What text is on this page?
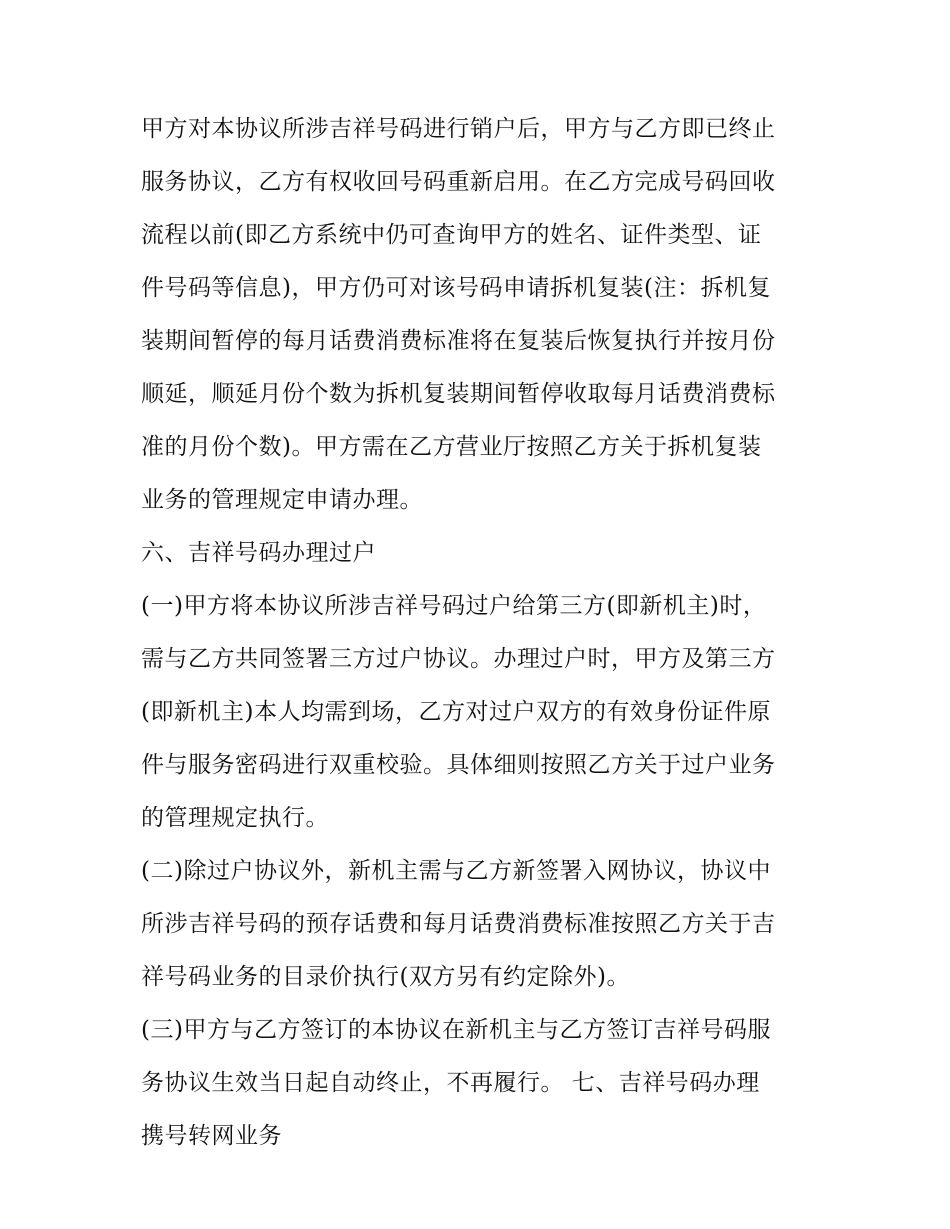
甲方对本协议所涉吉祥号码进行销户后，甲方与乙方即已终止
服务协议，乙方有权收回号码重新启用。在乙方完成号码回收
流程以前(即乙方系统中仍可查询甲方的姓名、证件类型、证
件号码等信息)，甲方仍可对该号码申请拆机复装(注：拆机复
装期间暂停的每月话费消费标准将在复装后恢复执行并按月份
顺延，顺延月份个数为拆机复装期间暂停收取每月话费消费标
准的月份个数)。甲方需在乙方营业厅按照乙方关于拆机复装
业务的管理规定申请办理。
六、吉祥号码办理过户
(一)甲方将本协议所涉吉祥号码过户给第三方(即新机主)时，
需与乙方共同签署三方过户协议。办理过户时，甲方及第三方
(即新机主)本人均需到场，乙方对过户双方的有效身份证件原
件与服务密码进行双重校验。具体细则按照乙方关于过户业务
的管理规定执行。
(二)除过户协议外，新机主需与乙方新签署入网协议，协议中
所涉吉祥号码的预存话费和每月话费消费标准按照乙方关于吉
祥号码业务的目录价执行(双方另有约定除外)。
(三)甲方与乙方签订的本协议在新机主与乙方签订吉祥号码服
务协议生效当日起自动终止，不再履行。 七、吉祥号码办理
携号转网业务
